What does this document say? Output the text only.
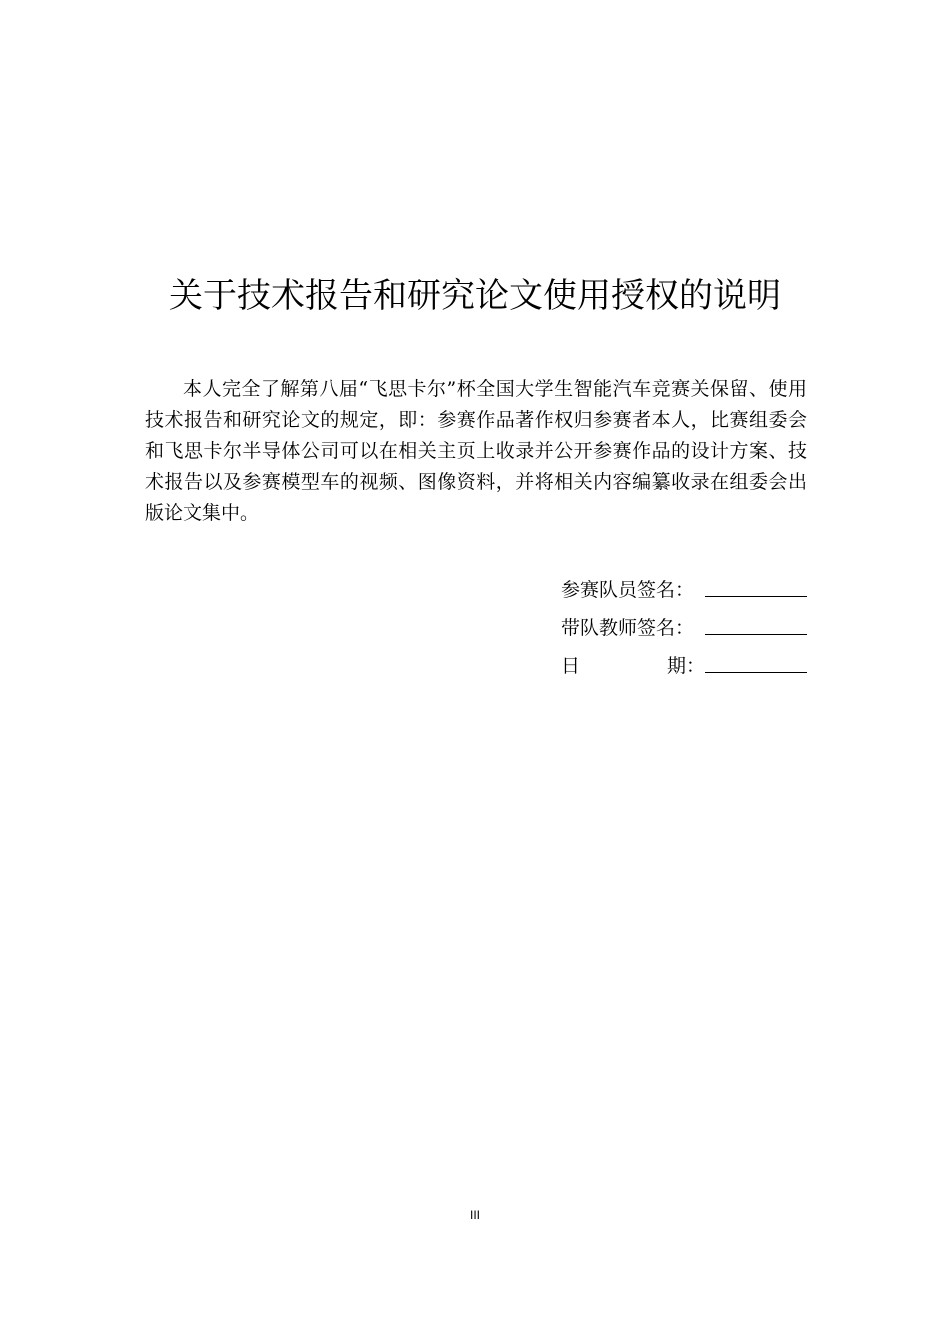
关于技术报告和研究论文使用授权的说明

本人完全了解第八届“飞思卡尔”杯全国大学生智能汽车竞赛关保留、使用技术报告和研究论文的规定，即：参赛作品著作权归参赛者本人，比赛组委会和飞思卡尔半导体公司可以在相关主页上收录并公开参赛作品的设计方案、技术报告以及参赛模型车的视频、图像资料，并将相关内容编纂收录在组委会出版论文集中。

参赛队员签名：
带队教师签名：
日	期：
III
